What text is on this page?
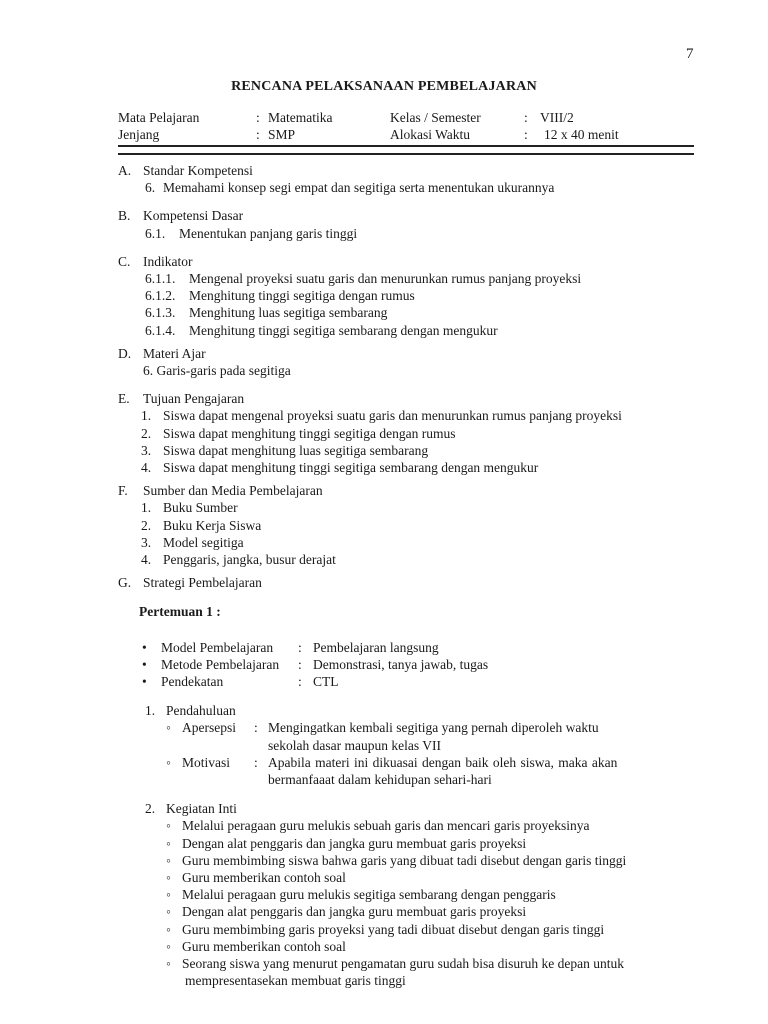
7
RENCANA PELAKSANAAN PEMBELAJARAN
Mata Pelajaran	: Matematika	Kelas / Semester	: VIII/2
Jenjang	: SMP	Alokasi Waktu	: 12 x 40 menit
A. Standar Kompetensi
6. Memahami konsep segi empat dan segitiga serta menentukan ukurannya
B. Kompetensi Dasar
6.1. Menentukan panjang garis tinggi
C. Indikator
6.1.1. Mengenal proyeksi suatu garis dan menurunkan rumus panjang proyeksi
6.1.2. Menghitung tinggi segitiga dengan rumus
6.1.3. Menghitung luas segitiga sembarang
6.1.4. Menghitung tinggi segitiga sembarang dengan mengukur
D. Materi Ajar
6. Garis-garis pada segitiga
E. Tujuan Pengajaran
1. Siswa dapat mengenal proyeksi suatu garis dan menurunkan rumus panjang proyeksi
2. Siswa dapat menghitung tinggi segitiga dengan rumus
3. Siswa dapat menghitung luas segitiga sembarang
4. Siswa dapat menghitung tinggi segitiga sembarang dengan mengukur
F. Sumber dan Media Pembelajaran
1. Buku Sumber
2. Buku Kerja Siswa
3. Model segitiga
4. Penggaris, jangka, busur derajat
G. Strategi Pembelajaran
Pertemuan 1 :
• Model Pembelajaran : Pembelajaran langsung
• Metode Pembelajaran : Demonstrasi, tanya jawab, tugas
• Pendekatan	: CTL
1. Pendahuluan
◦ Apersepsi : Mengingatkan kembali segitiga yang pernah diperoleh waktu
sekolah dasar maupun kelas VII
◦ Motivasi : Apabila materi ini dikuasai dengan baik oleh siswa, maka akan
bermanfaaat dalam kehidupan sehari-hari
2. Kegiatan Inti
◦ Melalui peragaan guru melukis sebuah garis dan mencari garis proyeksinya
◦ Dengan alat penggaris dan jangka guru membuat garis proyeksi
◦ Guru membimbing siswa bahwa garis yang dibuat tadi disebut dengan garis tinggi
◦ Guru memberikan contoh soal
◦ Melalui peragaan guru melukis segitiga sembarang dengan penggaris
◦ Dengan alat penggaris dan jangka guru membuat garis proyeksi
◦ Guru membimbing garis proyeksi yang tadi dibuat disebut dengan garis tinggi
◦ Guru memberikan contoh soal
◦ Seorang siswa yang menurut pengamatan guru sudah bisa disuruh ke depan untuk
mempresentasekan membuat garis tinggi
